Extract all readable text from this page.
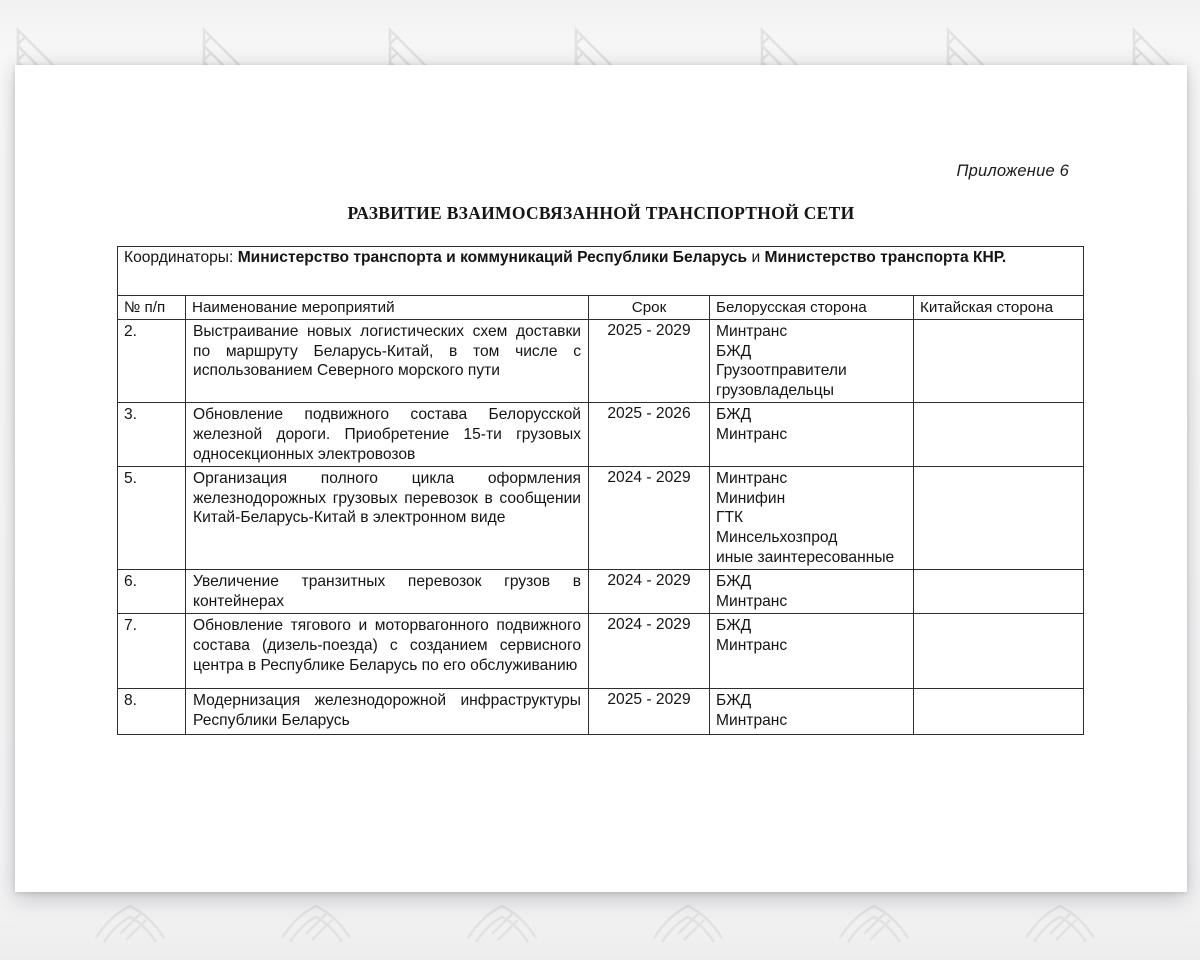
Приложение 6
РАЗВИТИЕ ВЗАИМОСВЯЗАННОЙ ТРАНСПОРТНОЙ СЕТИ
Координаторы: Министерство транспорта и коммуникаций Республики Беларусь и Министерство транспорта КНР.				
№ п/п	Наименование мероприятий	Срок	Белорусская сторона	Китайская сторона
2.	Выстраивание новых логистических схем доставки по маршруту Беларусь-Китай, в том числе с использованием Северного морского пути	2025 - 2029	Минтранс
БЖД
Грузоотправители
грузовладельцы	

3.	Обновление подвижного состава Белорусской железной дороги. Приобретение 15-ти грузовых односекционных электровозов	2025 - 2026	БЖД
Минтранс	

5.	Организация полного цикла оформления железнодорожных грузовых перевозок в сообщении Китай-Беларусь-Китай в электронном виде	2024 - 2029	Минтранс
Минифин
ГТК
Минсельхозпрод
иные заинтересованные	

6.	Увеличение транзитных перевозок грузов в контейнерах	2024 - 2029	БЖД
Минтранс	

7.	Обновление тягового и моторвагонного подвижного состава (дизель-поезда) с созданием сервисного центра в Республике Беларусь по его обслуживанию	2024 - 2029	БЖД
Минтранс	

8.	Модернизация железнодорожной инфраструктуры Республики Беларусь	2025 - 2029	БЖД
Минтранс	
